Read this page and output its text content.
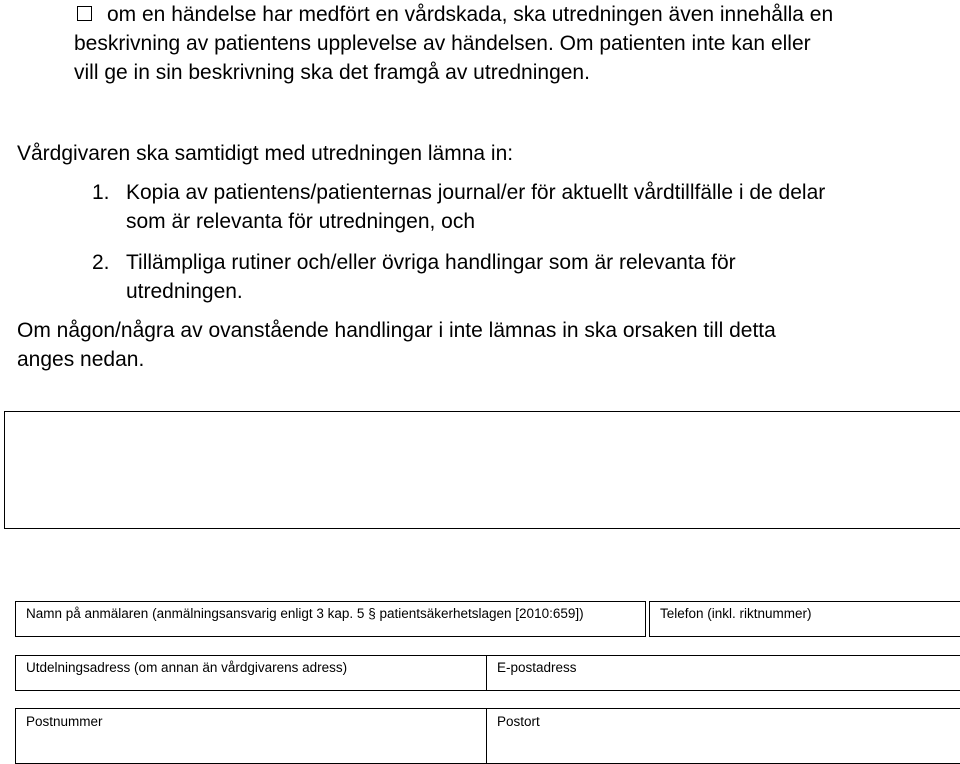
om en händelse har medfört en vårdskada, ska utredningen även innehålla en
beskrivning av patientens upplevelse av händelsen. Om patienten inte kan eller
vill ge in sin beskrivning ska det framgå av utredningen.
Vårdgivaren ska samtidigt med utredningen lämna in:
1. Kopia av patientens/patienternas journal/er för aktuellt vårdtillfälle i de delar
som är relevanta för utredningen, och
2. Tillämpliga rutiner och/eller övriga handlingar som är relevanta för
utredningen.
Om någon/några av ovanstående handlingar i inte lämnas in ska orsaken till detta
anges nedan.
Namn på anmälaren (anmälningsansvarig enligt 3 kap. 5 § patientsäkerhetslagen [2010:659])	Telefon (inkl. riktnummer)
Utdelningsadress (om annan än vårdgivarens adress)	E-postadress
Postnummer	Postort
